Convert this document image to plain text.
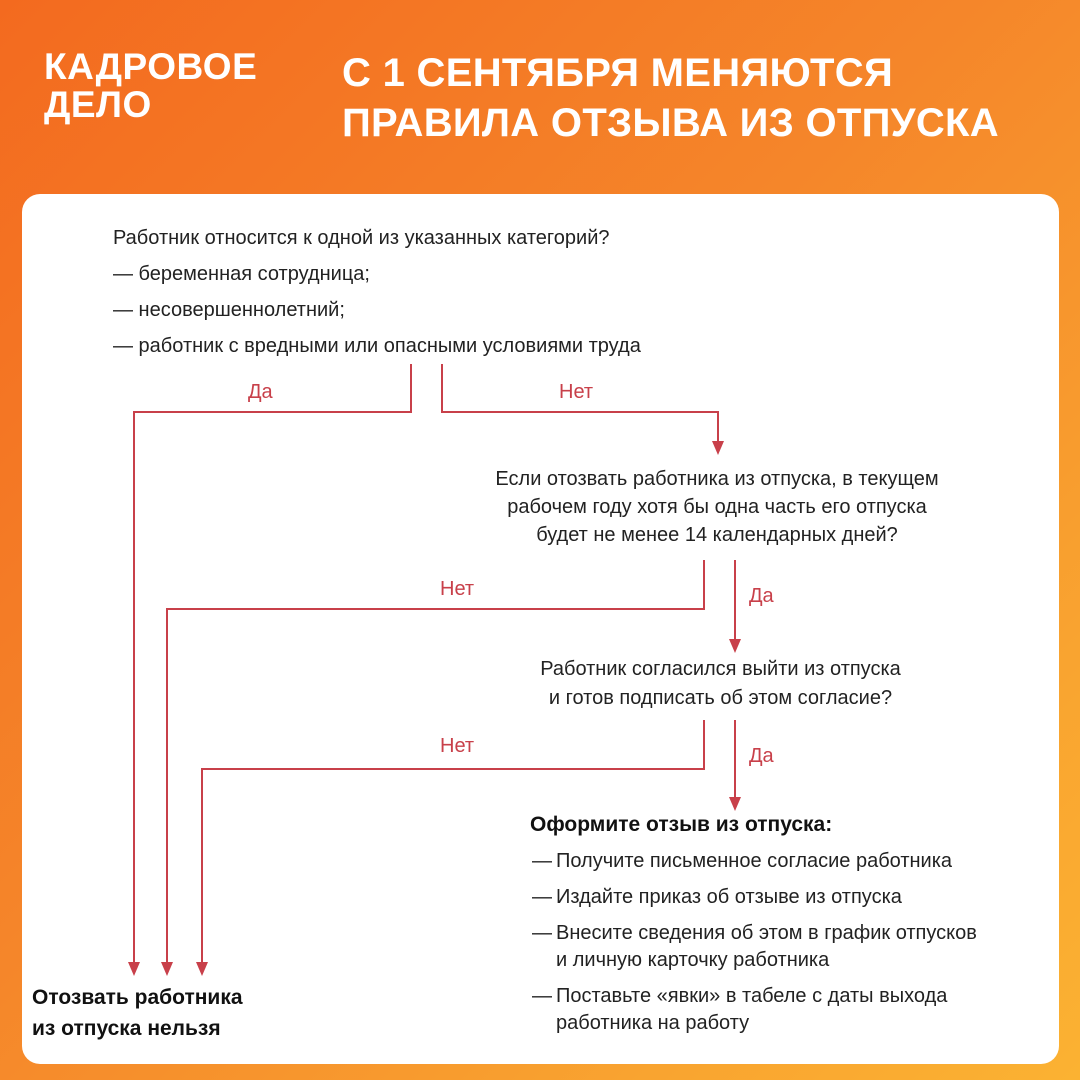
КАДРОВОЕ
ДЕЛО
С 1 СЕНТЯБРЯ МЕНЯЮТСЯ
ПРАВИЛА ОТЗЫВА ИЗ ОТПУСКА
Работник относится к одной из указанных категорий?
— беременная сотрудница;
— несовершеннолетний;
— работник с вредными или опасными условиями труда
Да	Нет
Если отозвать работника из отпуска, в текущем
рабочем году хотя бы одна часть его отпуска
будет не менее 14 календарных дней?
Нет	Да
Работник согласился выйти из отпуска
и готов подписать об этом согласие?
Нет	Да
Оформите отзыв из отпуска:
— Получите письменное согласие работника
— Издайте приказ об отзыве из отпуска
— Внесите сведения об этом в график отпусков
и личную карточку работника
— Поставьте «явки» в табеле с даты выхода
работника на работу
Отозвать работника
из отпуска нельзя
